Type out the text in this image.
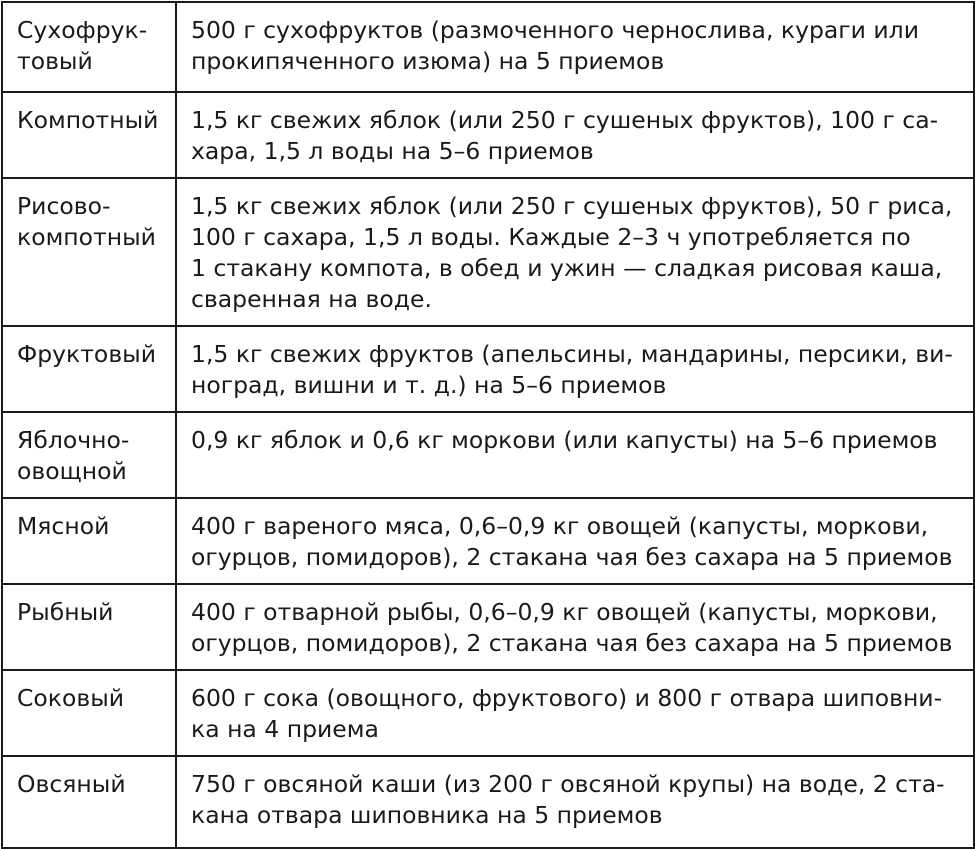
Сухофрук-
товый	500 г сухофруктов (размоченного чернослива, кураги или
прокипяченного изюма) на 5 приемов

Компотный	1,5 кг свежих яблок (или 250 г сушеных фруктов), 100 г са-
хара, 1,5 л воды на 5–6 приемов

Рисово-
компотный	1,5 кг свежих яблок (или 250 г сушеных фруктов), 50 г риса,
100 г сахара, 1,5 л воды. Каждые 2–3 ч употребляется по
1 стакану компота, в обед и ужин — сладкая рисовая каша,
сваренная на воде.

Фруктовый	1,5 кг свежих фруктов (апельсины, мандарины, персики, ви-
ноград, вишни и т. д.) на 5–6 приемов

Яблочно-
овощной	0,9 кг яблок и 0,6 кг моркови (или капусты) на 5–6 приемов

Мясной	400 г вареного мяса, 0,6–0,9 кг овощей (капусты, моркови,
огурцов, помидоров), 2 стакана чая без сахара на 5 приемов

Рыбный	400 г отварной рыбы, 0,6–0,9 кг овощей (капусты, моркови,
огурцов, помидоров), 2 стакана чая без сахара на 5 приемов

Соковый	600 г сока (овощного, фруктового) и 800 г отвара шиповни-
ка на 4 приема

Овсяный	750 г овсяной каши (из 200 г овсяной крупы) на воде, 2 ста-
кана отвара шиповника на 5 приемов
